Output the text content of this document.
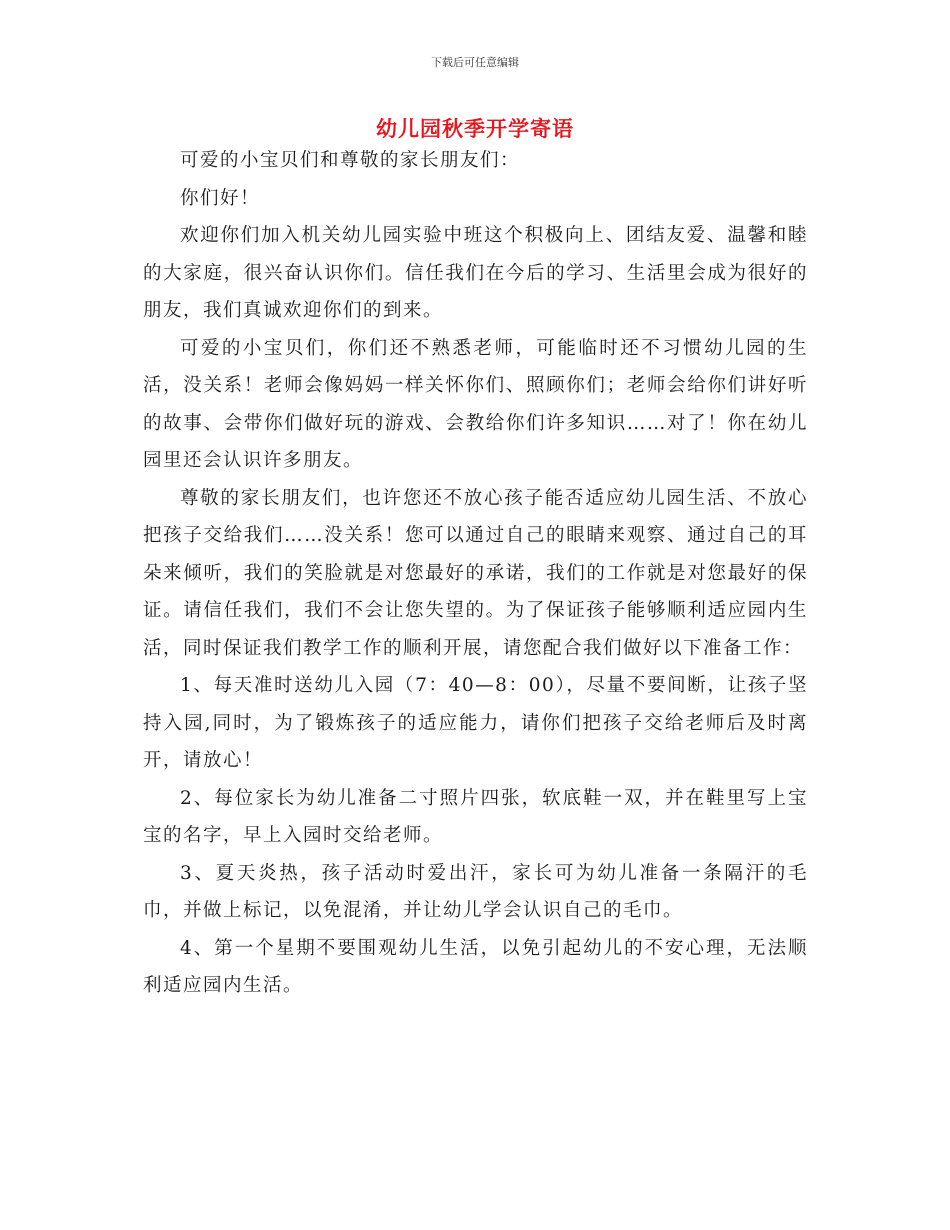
下载后可任意编辑
幼儿园秋季开学寄语

可爱的小宝贝们和尊敬的家长朋友们：

你们好！

欢迎你们加入机关幼儿园实验中班这个积极向上、团结友爱、温馨和睦的大家庭，很兴奋认识你们。信任我们在今后的学习、生活里会成为很好的朋友，我们真诚欢迎你们的到来。

可爱的小宝贝们，你们还不熟悉老师，可能临时还不习惯幼儿园的生活，没关系！老师会像妈妈一样关怀你们、照顾你们；老师会给你们讲好听的故事、会带你们做好玩的游戏、会教给你们许多知识……对了！你在幼儿园里还会认识许多朋友。

尊敬的家长朋友们，也许您还不放心孩子能否适应幼儿园生活、不放心把孩子交给我们……没关系！您可以通过自己的眼睛来观察、通过自己的耳朵来倾听，我们的笑脸就是对您最好的承诺，我们的工作就是对您最好的保证。请信任我们，我们不会让您失望的。为了保证孩子能够顺利适应园内生活，同时保证我们教学工作的顺利开展，请您配合我们做好以下准备工作：

1、每天准时送幼儿入园（7：40—8：00），尽量不要间断，让孩子坚持入园,同时，为了锻炼孩子的适应能力，请你们把孩子交给老师后及时离开，请放心！

2、每位家长为幼儿准备二寸照片四张，软底鞋一双，并在鞋里写上宝宝的名字，早上入园时交给老师。

3、夏天炎热，孩子活动时爱出汗，家长可为幼儿准备一条隔汗的毛巾，并做上标记，以免混淆，并让幼儿学会认识自己的毛巾。

4、第一个星期不要围观幼儿生活，以免引起幼儿的不安心理，无法顺利适应园内生活。
